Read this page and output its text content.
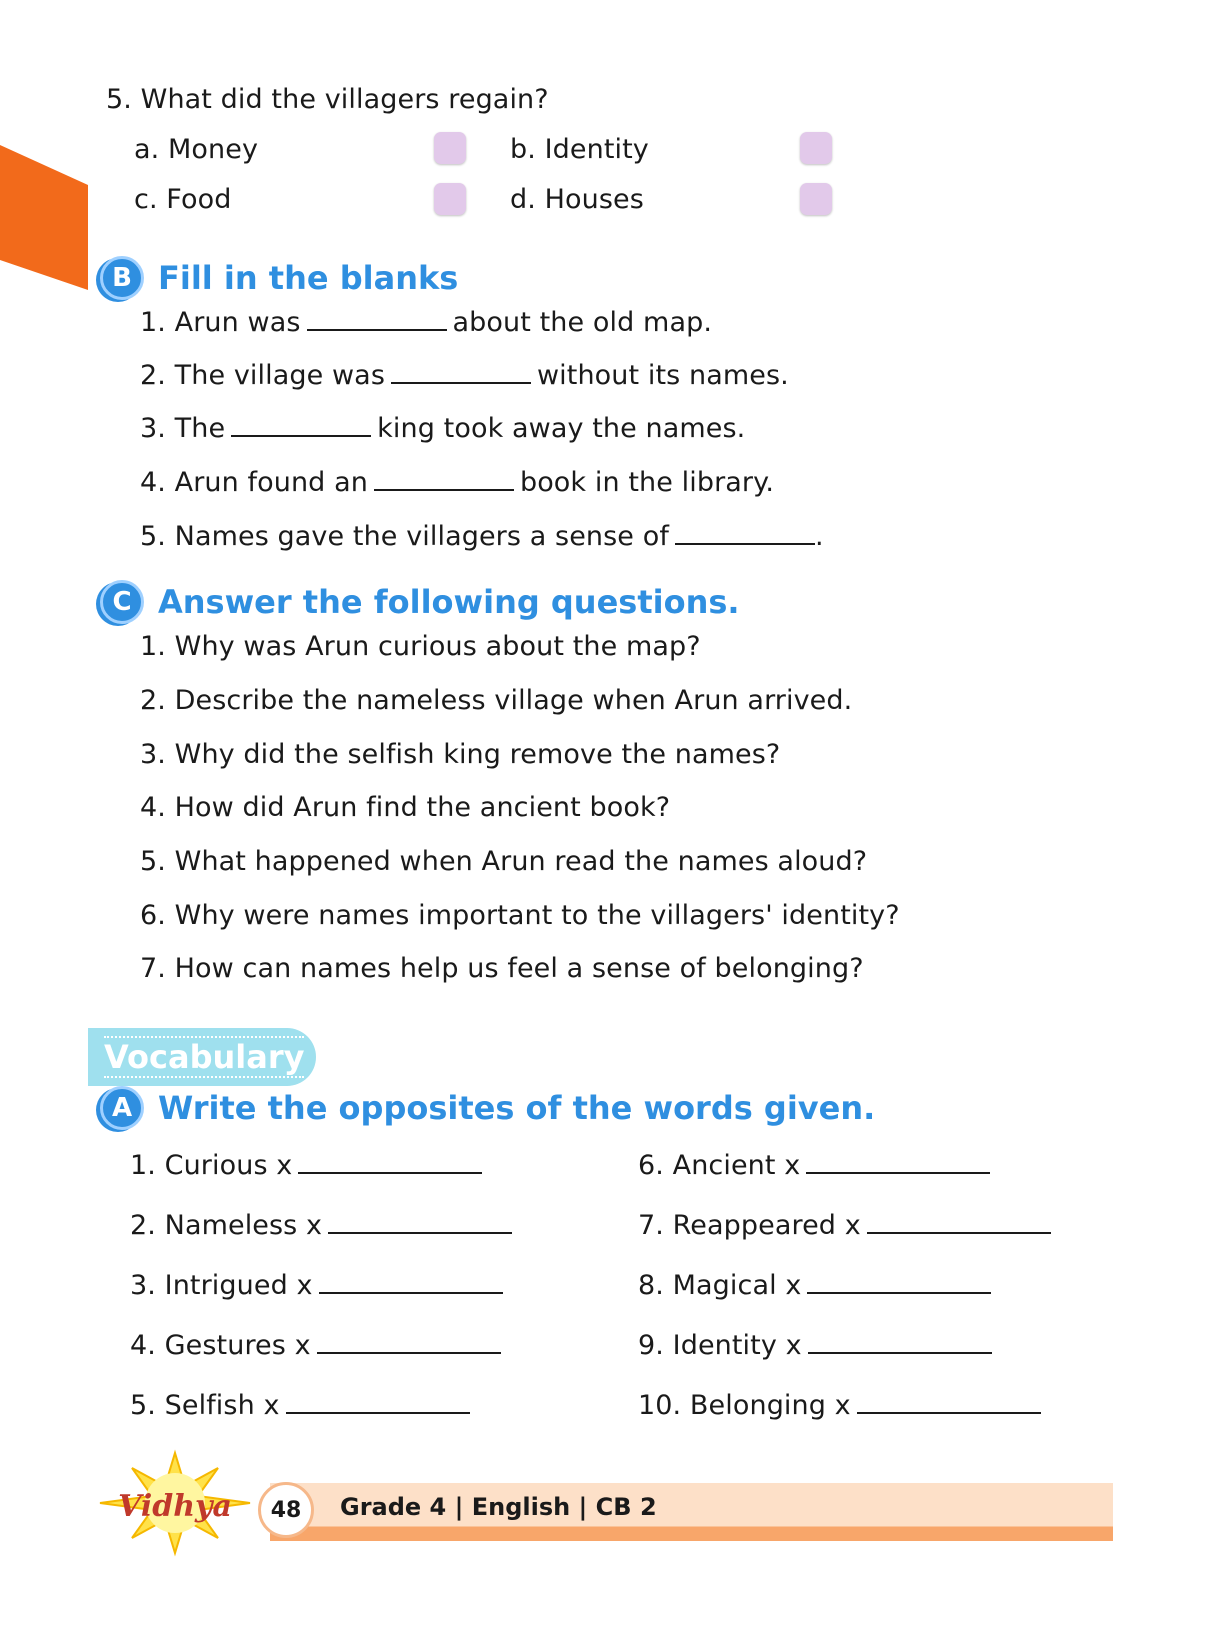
5. What did the villagers regain?
a. Money	b. Identity
c. Food	d. Houses
B Fill in the blanks
1. Arun was	about the old map.
2. The village was	without its names.
3. The	king took away the names.
4. Arun found an	book in the library.
5. Names gave the villagers a sense of	.
C Answer the following questions.
1. Why was Arun curious about the map?
2. Describe the nameless village when Arun arrived.
3. Why did the selfish king remove the names?
4. How did Arun find the ancient book?
5. What happened when Arun read the names aloud?
6. Why were names important to the villagers' identity?
7. How can names help us feel a sense of belonging?
Vocabulary
A Write the opposites of the words given.
1. Curious x
2. Nameless x
3. Intrigued x
4. Gestures x
5. Selfish x
6. Ancient x
7. Reappeared x
8. Magical x
9. Identity x
10. Belonging x
Vidhya	48	Grade 4 | English | CB 2
